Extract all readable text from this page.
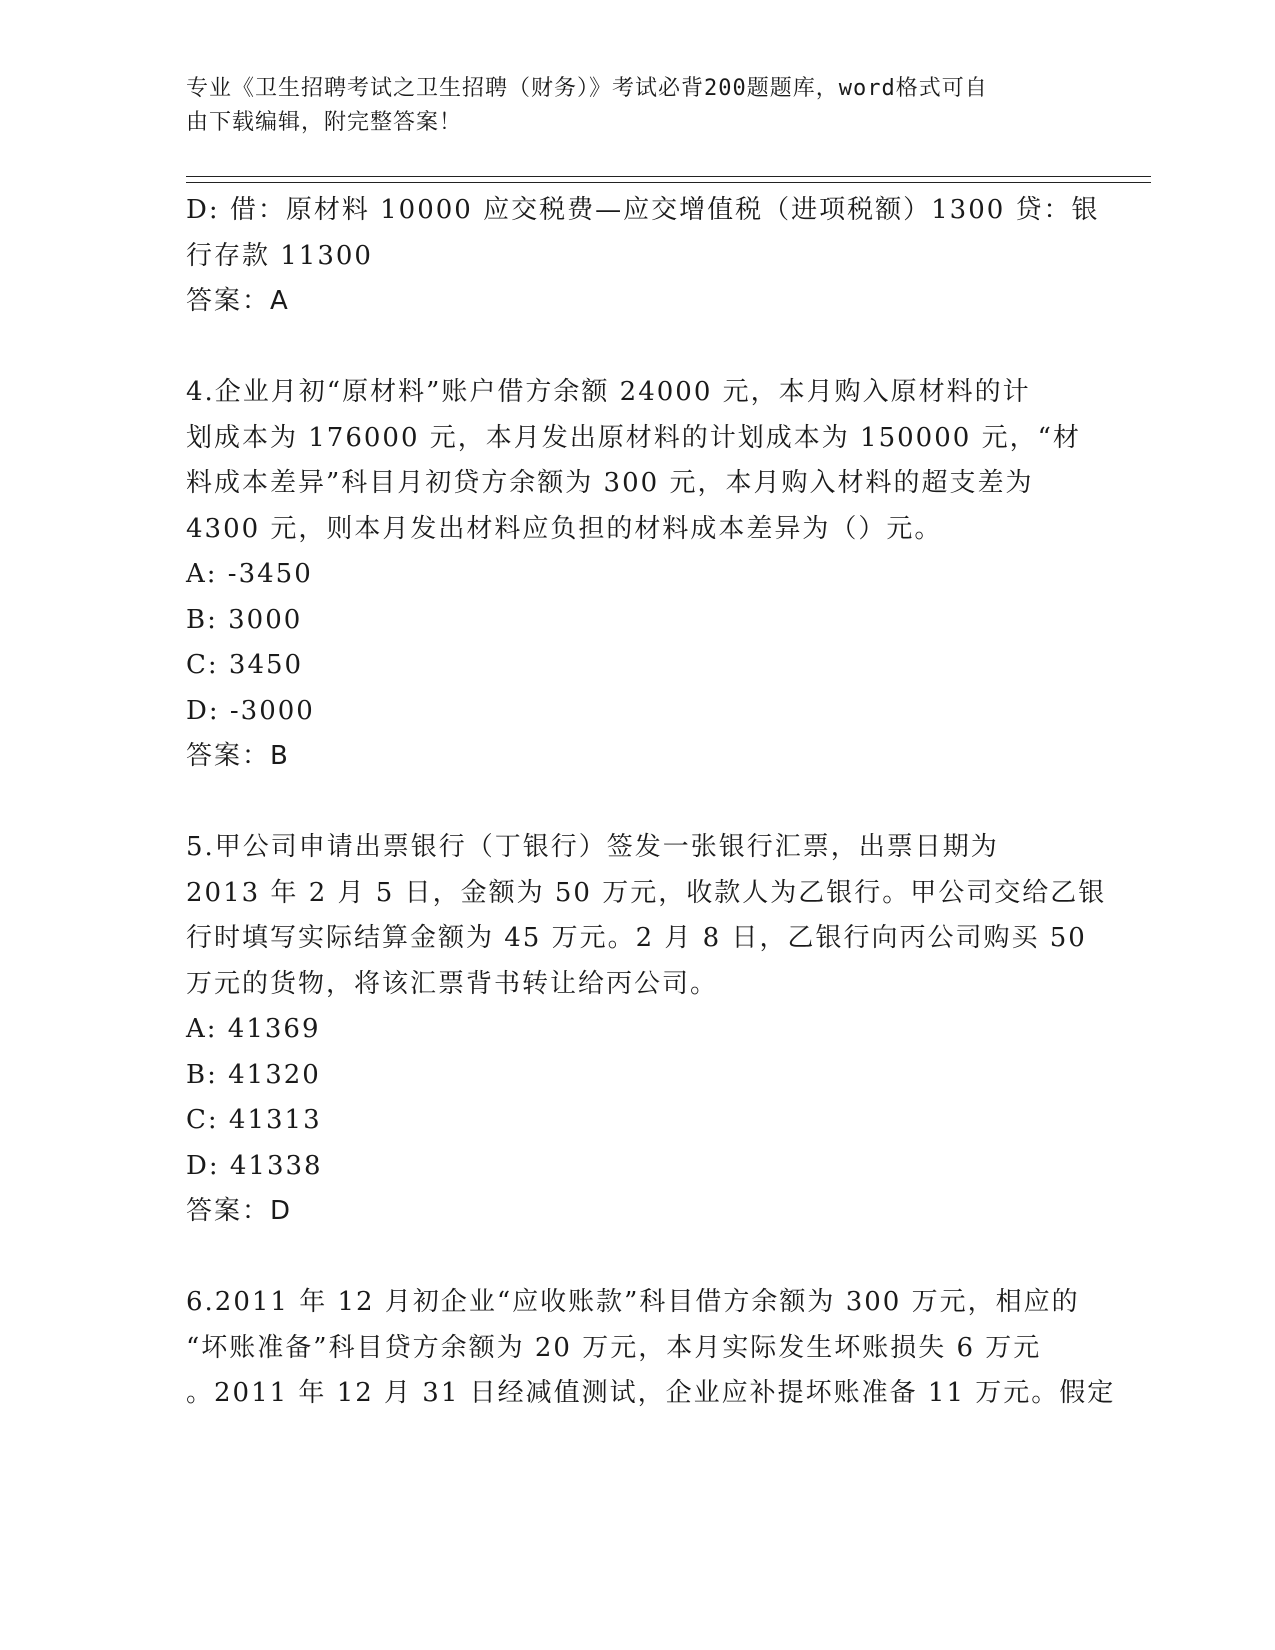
专业《卫生招聘考试之卫生招聘（财务）》考试必背200题题库，word格式可自
由下载编辑，附完整答案！
D: 借：原材料 10000 应交税费—应交增值税（进项税额）1300 贷：银
行存款 11300
答案：A
4.企业月初“原材料”账户借方余额 24000 元，本月购入原材料的计
划成本为 176000 元，本月发出原材料的计划成本为 150000 元，“材
料成本差异”科目月初贷方余额为 300 元，本月购入材料的超支差为
4300 元，则本月发出材料应负担的材料成本差异为（）元。
A: -3450
B: 3000
C: 3450
D: -3000
答案：B
5.甲公司申请出票银行（丁银行）签发一张银行汇票，出票日期为
2013 年 2 月 5 日，金额为 50 万元，收款人为乙银行。甲公司交给乙银
行时填写实际结算金额为 45 万元。2 月 8 日，乙银行向丙公司购买 50
万元的货物，将该汇票背书转让给丙公司。
A: 41369
B: 41320
C: 41313
D: 41338
答案：D
6.2011 年 12 月初企业“应收账款”科目借方余额为 300 万元，相应的
“坏账准备”科目贷方余额为 20 万元，本月实际发生坏账损失 6 万元
。2011 年 12 月 31 日经减值测试，企业应补提坏账准备 11 万元。假定
